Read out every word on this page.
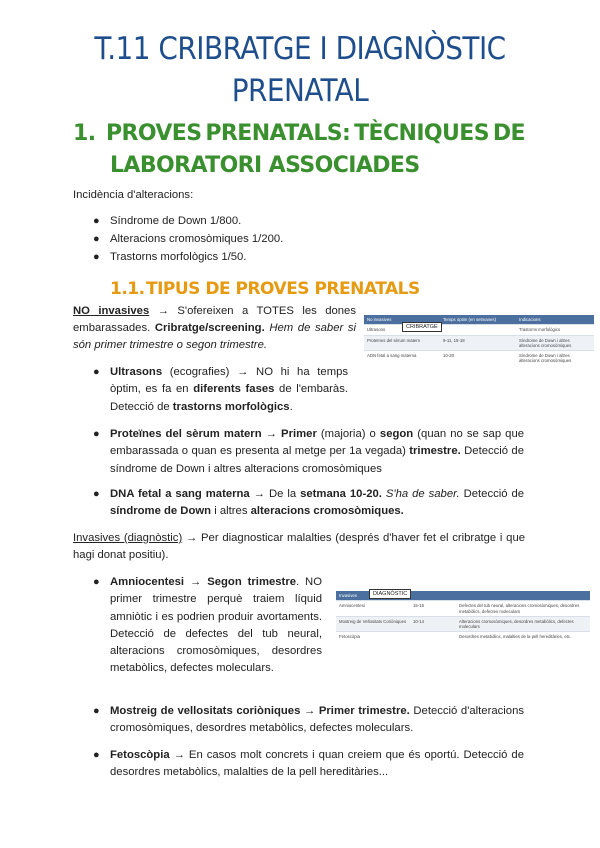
T.11 CRIBRATGE I DIAGNÒSTIC
PRENATAL
1. PROVES PRENATALS: TÈCNIQUES DE
LABORATORI ASSOCIADES

Incidència d'alteracions:

● Síndrome de Down 1/800.
● Alteracions cromosòmiques 1/200.
● Trastorns morfològics 1/50.
1.1.TIPUS DE PROVES PRENATALS

NO invasives → S'ofereixen a TOTES les dones embarassades. Cribratge/screening. Hem de saber si són primer trimestre o segon trimestre.

No invasives	Temps òptim (en setmanes)	Indicacions
Ultrasons		Trastorns morfològics
Proteïnes del sèrum matern	9-11, 15-18	Síndrome de Down i altres alteracions cromosòmiques
ADN fetal a sang materna	10-20	Síndrome de Down i altres alteracions cromosòmiques
CRIBRATGE
● Ultrasons (ecografies) → NO hi ha temps òptim, es fa en diferents fases de l'embaràs. Detecció de trastorns morfològics.
● Proteïnes del sèrum matern → Primer (majoria) o segon (quan no se sap que embarassada o quan es presenta al metge per 1a vegada) trimestre. Detecció de síndrome de Down i altres alteracions cromosòmiques
● DNA fetal a sang materna → De la setmana 10-20. S'ha de saber. Detecció de síndrome de Down i altres alteracions cromosòmiques.

Invasives (diagnòstic) → Per diagnosticar malalties (després d'haver fet el cribratge i que hagi donat positiu).

Invasives		
Amniocentesi	15-16	Defectes del tub neural, alteracions cromosòmiques, desordres metabòlics, defectes moleculars
Mostreig de Vellositats Coriòniques	10-14	Alteracions cromosòmiques, desordres metabòlics, defectes moleculars
Fetoscòpia		Desordres metabòlics, malalties de la pell hereditàries, etc.
DIAGNÒSTIC
● Amniocentesi → Segon trimestre. NO primer trimestre perquè traiem líquid amniòtic i es podrien produir avortaments. Detecció de defectes del tub neural, alteracions cromosòmiques, desordres metabòlics, defectes moleculars.
● Mostreig de vellositats coriòniques → Primer trimestre. Detecció d'alteracions cromosòmiques, desordres metabòlics, defectes moleculars.
● Fetoscòpia → En casos molt concrets i quan creiem que és oportú. Detecció de desordres metabòlics, malalties de la pell hereditàries...
